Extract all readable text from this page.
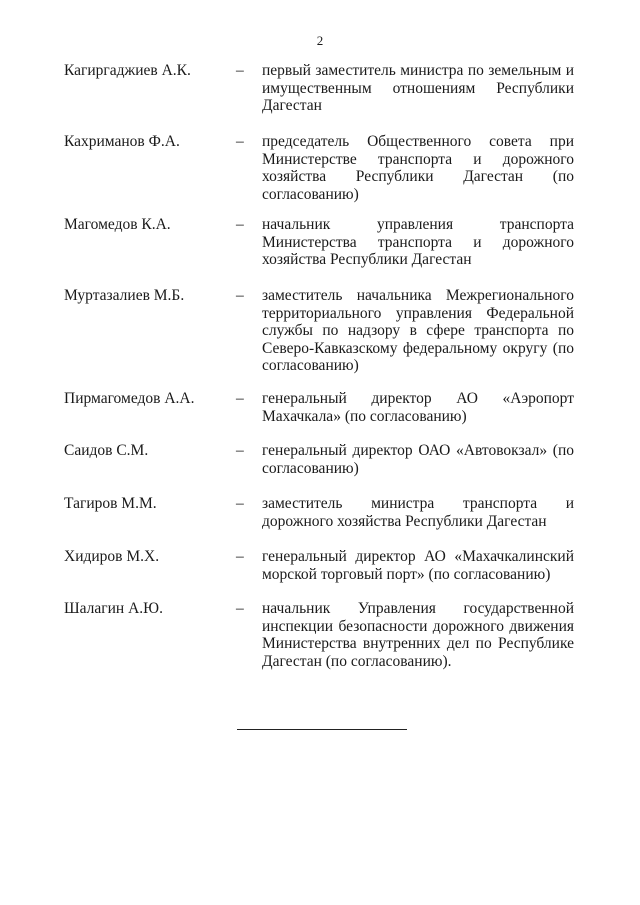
2
Кагиргаджиев А.К.	– первый заместитель министра по земельным и имущественным отношениям Республики Дагестан
Кахриманов Ф.А.	– председатель Общественного совета при Министерстве транспорта и дорожного хозяйства Республики Дагестан (по согласованию)
Магомедов К.А.	– начальник управления транспорта Министерства транспорта и дорожного хозяйства Республики Дагестан
Муртазалиев М.Б.	– заместитель начальника Межрегионального территориального управления Федеральной службы по надзору в сфере транспорта по Северо-Кавказскому федеральному округу (по согласованию)
Пирмагомедов А.А.	– генеральный директор АО «Аэропорт Махачкала» (по согласованию)
Саидов С.М.	– генеральный директор ОАО «Автовокзал» (по согласованию)
Тагиров М.М.	– заместитель министра транспорта и дорожного хозяйства Республики Дагестан
Хидиров М.Х.	– генеральный директор АО «Махачкалинский морской торговый порт» (по согласованию)
Шалагин А.Ю.	– начальник Управления государственной инспекции безопасности дорожного движения Министерства внутренних дел по Республике Дагестан (по согласованию).
